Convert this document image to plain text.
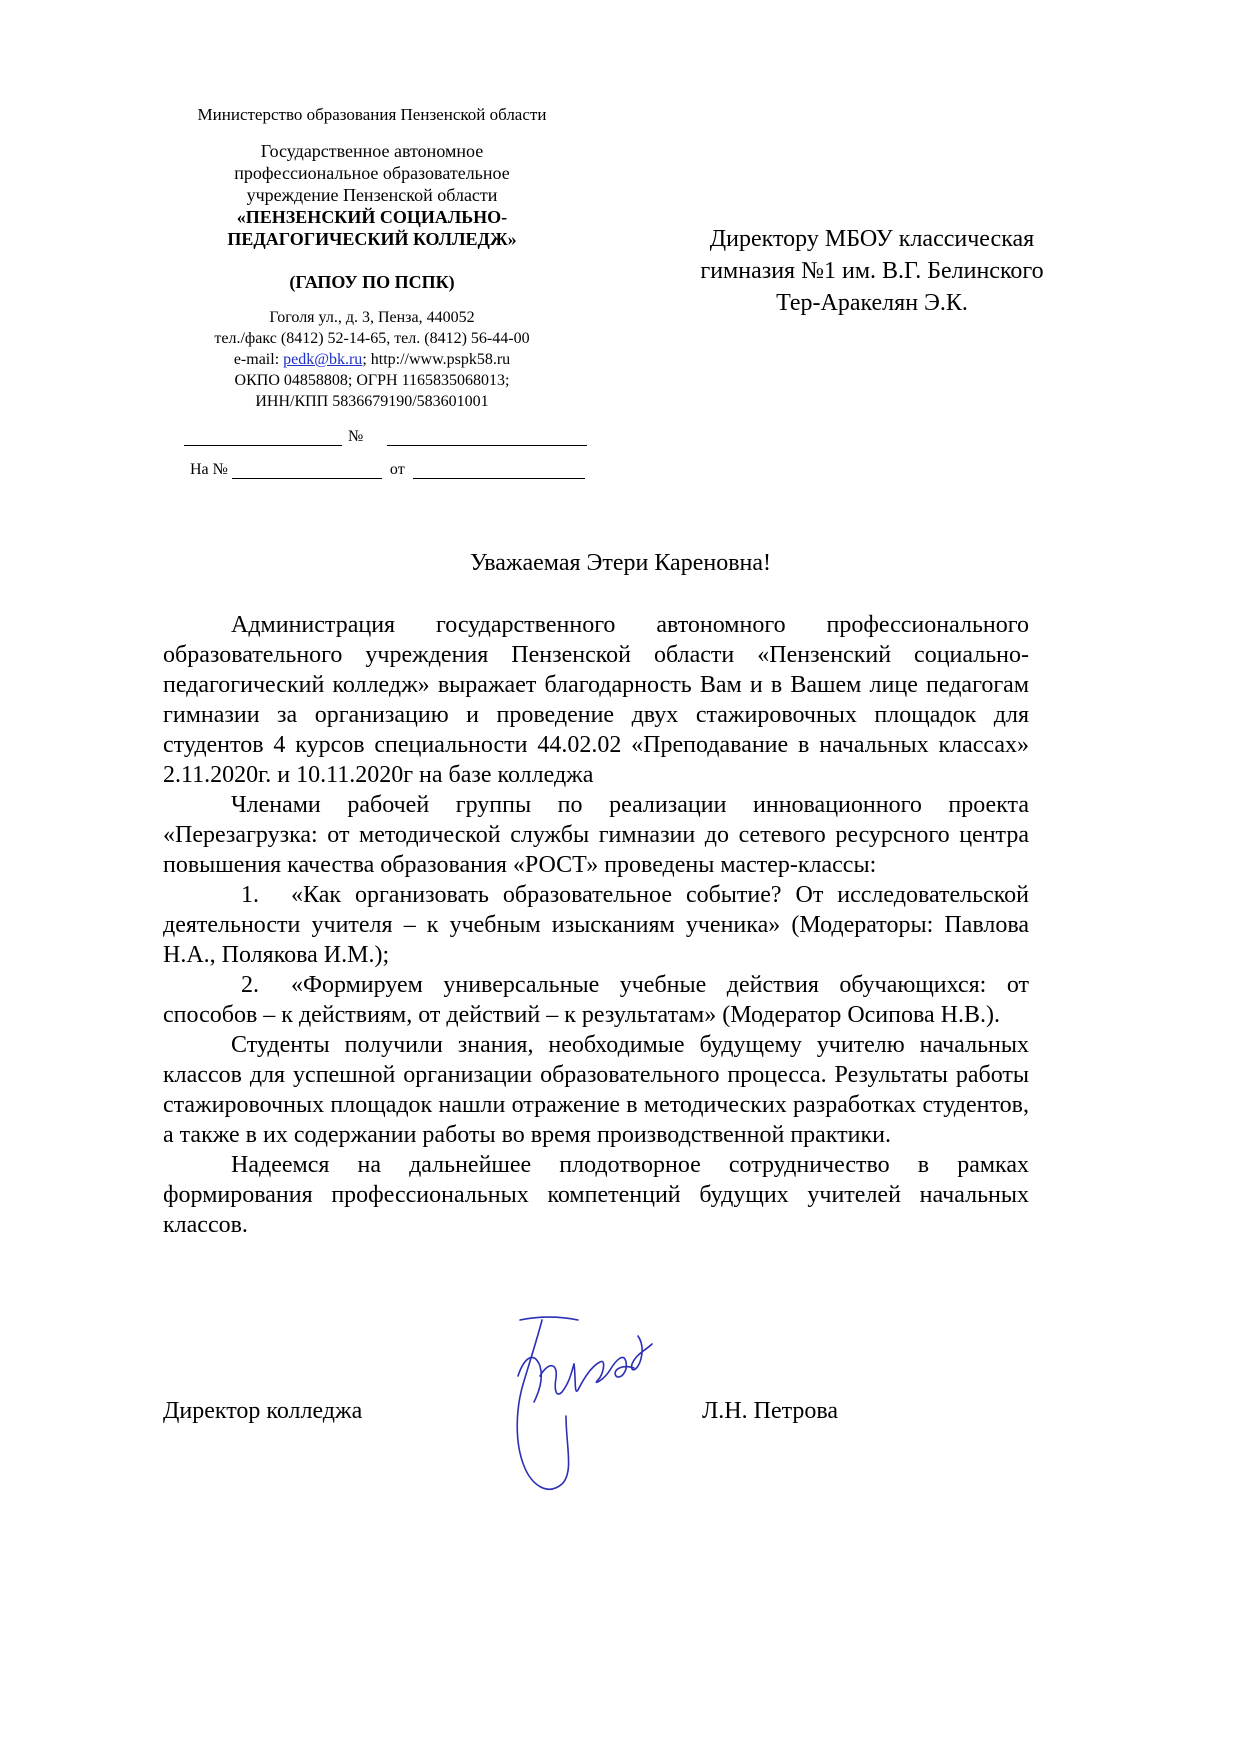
Министерство образования Пензенской области
Государственное автономное
профессиональное образовательное
учреждение Пензенской области
«ПЕНЗЕНСКИЙ СОЦИАЛЬНО-
ПЕДАГОГИЧЕСКИЙ КОЛЛЕДЖ»
(ГАПОУ ПО ПСПК)
Гоголя ул., д. 3, Пенза, 440052
тел./факс (8412) 52-14-65, тел. (8412) 56-44-00
e-mail: pedk@bk.ru; http://www.pspk58.ru
ОКПО 04858808; ОГРН 1165835068013;
ИНН/КПП 5836679190/583601001
№
На №	от
Директору МБОУ классическая
гимназия №1 им. В.Г. Белинского
Тер-Аракелян Э.К.
Уважаемая Этери Кареновна!

Администрация государственного автономного профессионального образовательного учреждения Пензенской области «Пензенский социально-педагогический колледж» выражает благодарность Вам и в Вашем лице педагогам гимназии за организацию и проведение двух стажировочных площадок для студентов 4 курсов специальности 44.02.02 «Преподавание в начальных классах» 2.11.2020г. и 10.11.2020г на базе колледжа

Членами рабочей группы по реализации инновационного проекта «Перезагрузка: от методической службы гимназии до сетевого ресурсного центра повышения качества образования «РОСТ» проведены мастер-классы:

1. «Как организовать образовательное событие? От исследовательской деятельности учителя – к учебным изысканиям ученика» (Модераторы: Павлова Н.А., Полякова И.М.);

2. «Формируем универсальные учебные действия обучающихся: от способов – к действиям, от действий – к результатам» (Модератор Осипова Н.В.).

Студенты получили знания, необходимые будущему учителю начальных классов для успешной организации образовательного процесса. Результаты работы стажировочных площадок нашли отражение в методических разработках студентов, а также в их содержании работы во время производственной практики.

Надеемся на дальнейшее плодотворное сотрудничество в рамках формирования профессиональных компетенций будущих учителей начальных классов.

Директор колледжа	Л.Н. Петрова
